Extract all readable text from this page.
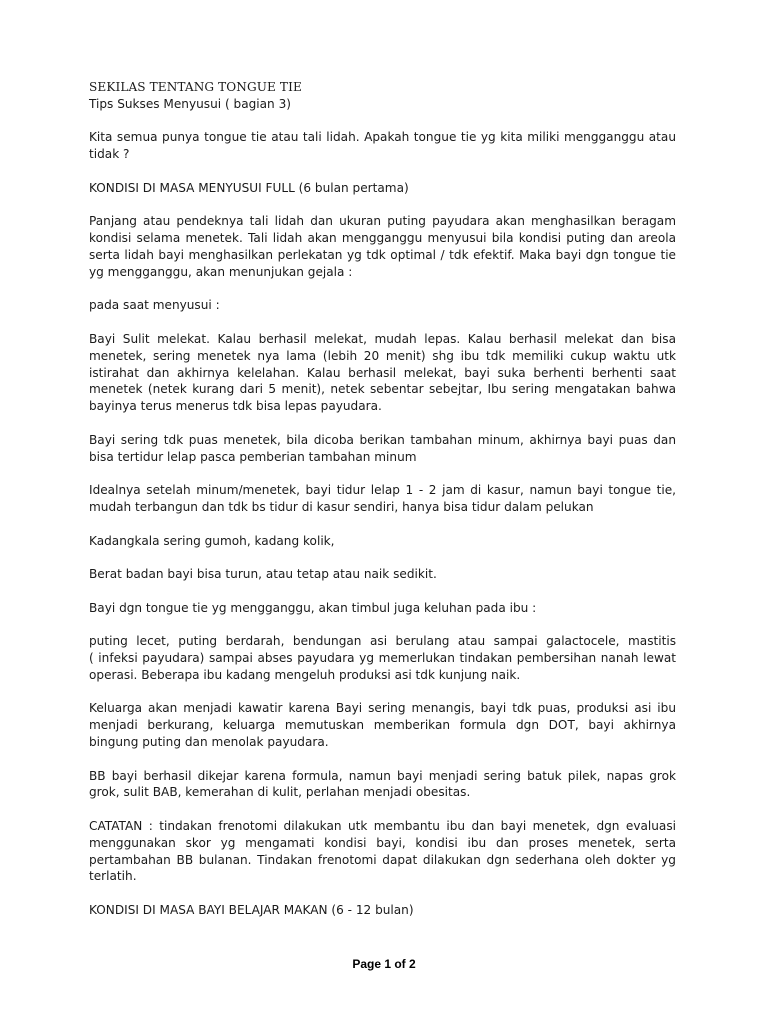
SEKILAS TENTANG TONGUE TIE

Tips Sukses Menyusui ( bagian 3)

Kita semua punya tongue tie atau tali lidah. Apakah tongue tie yg kita miliki mengganggu atau

tidak ?

KONDISI DI MASA MENYUSUI FULL (6 bulan pertama)

Panjang atau pendeknya tali lidah dan ukuran puting payudara akan menghasilkan beragam

kondisi selama menetek. Tali lidah akan mengganggu menyusui bila kondisi puting dan areola

serta lidah bayi menghasilkan perlekatan yg tdk optimal / tdk efektif. Maka bayi dgn tongue tie

yg mengganggu, akan menunjukan gejala :

pada saat menyusui :

Bayi Sulit melekat. Kalau berhasil melekat, mudah lepas. Kalau berhasil melekat dan bisa

menetek, sering menetek nya lama (lebih 20 menit) shg ibu tdk memiliki cukup waktu utk

istirahat dan akhirnya kelelahan. Kalau berhasil melekat, bayi suka berhenti berhenti saat

menetek (netek kurang dari 5 menit), netek sebentar sebejtar, Ibu sering mengatakan bahwa

bayinya terus menerus tdk bisa lepas payudara.

Bayi sering tdk puas menetek, bila dicoba berikan tambahan minum, akhirnya bayi puas dan

bisa tertidur lelap pasca pemberian tambahan minum

Idealnya setelah minum/menetek, bayi tidur lelap 1 - 2 jam di kasur, namun bayi tongue tie,

mudah terbangun dan tdk bs tidur di kasur sendiri, hanya bisa tidur dalam pelukan

Kadangkala sering gumoh, kadang kolik,

Berat badan bayi bisa turun, atau tetap atau naik sedikit.

Bayi dgn tongue tie yg mengganggu, akan timbul juga keluhan pada ibu :

puting lecet, puting berdarah, bendungan asi berulang atau sampai galactocele, mastitis

( infeksi payudara) sampai abses payudara yg memerlukan tindakan pembersihan nanah lewat

operasi. Beberapa ibu kadang mengeluh produksi asi tdk kunjung naik.

Keluarga akan menjadi kawatir karena Bayi sering menangis, bayi tdk puas, produksi asi ibu

menjadi berkurang, keluarga memutuskan memberikan formula dgn DOT, bayi akhirnya

bingung puting dan menolak payudara.

BB bayi berhasil dikejar karena formula, namun bayi menjadi sering batuk pilek, napas grok

grok, sulit BAB, kemerahan di kulit, perlahan menjadi obesitas.

CATATAN : tindakan frenotomi dilakukan utk membantu ibu dan bayi menetek, dgn evaluasi

menggunakan skor yg mengamati kondisi bayi, kondisi ibu dan proses menetek, serta

pertambahan BB bulanan. Tindakan frenotomi dapat dilakukan dgn sederhana oleh dokter yg

terlatih.

KONDISI DI MASA BAYI BELAJAR MAKAN (6 - 12 bulan)

Page 1 of 2
